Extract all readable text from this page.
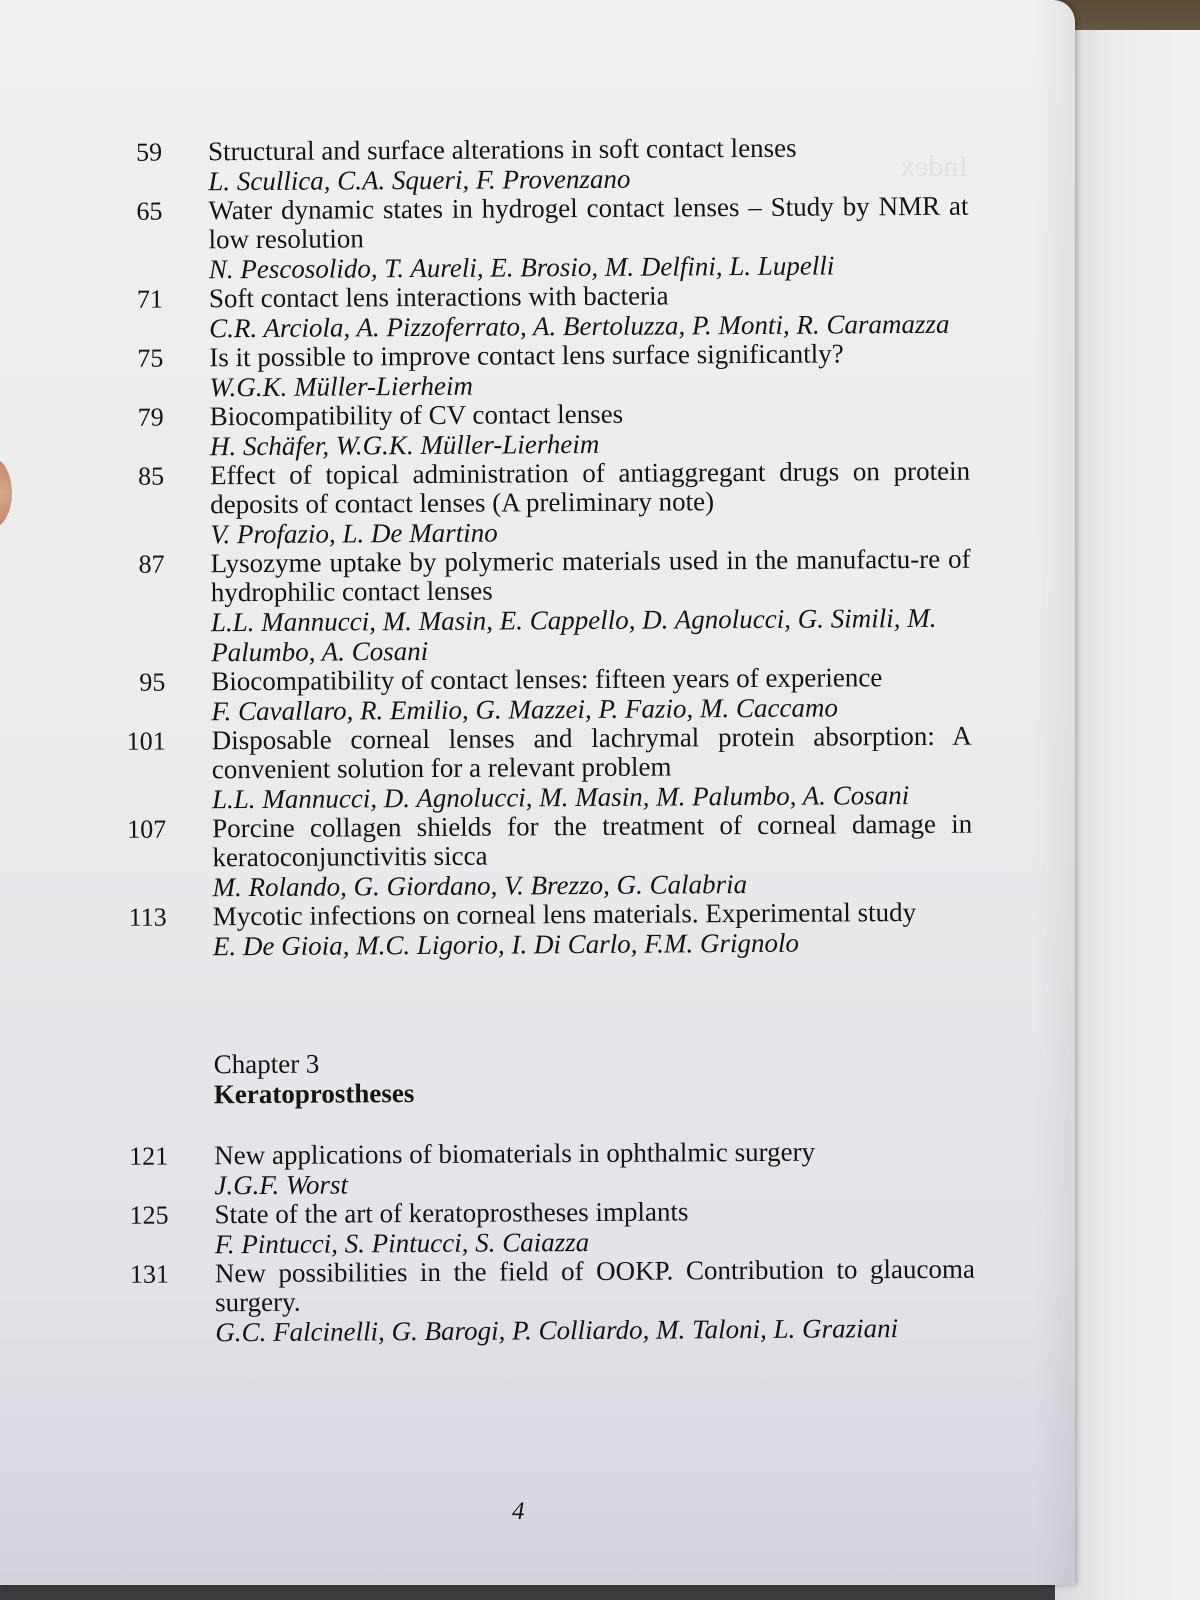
Index
59 Structural and surface alterations in soft contact lenses
L. Scullica, C.A. Squeri, F. Provenzano
65 Water dynamic states in hydrogel contact lenses – Study by NMR at low resolution
N. Pescosolido, T. Aureli, E. Brosio, M. Delfini, L. Lupelli
71 Soft contact lens interactions with bacteria
C.R. Arciola, A. Pizzoferrato, A. Bertoluzza, P. Monti, R. Caramazza
75 Is it possible to improve contact lens surface significantly?
W.G.K. Müller-Lierheim
79 Biocompatibility of CV contact lenses
H. Schäfer, W.G.K. Müller-Lierheim
85 Effect of topical administration of antiaggregant drugs on protein deposits of contact lenses (A preliminary note)
V. Profazio, L. De Martino
87 Lysozyme uptake by polymeric materials used in the manufactu-re of hydrophilic contact lenses
L.L. Mannucci, M. Masin, E. Cappello, D. Agnolucci, G. Simili, M. Palumbo, A. Cosani
95 Biocompatibility of contact lenses: fifteen years of experience
F. Cavallaro, R. Emilio, G. Mazzei, P. Fazio, M. Caccamo
101 Disposable corneal lenses and lachrymal protein absorption: A convenient solution for a relevant problem
L.L. Mannucci, D. Agnolucci, M. Masin, M. Palumbo, A. Cosani
107 Porcine collagen shields for the treatment of corneal damage in keratoconjunctivitis sicca
M. Rolando, G. Giordano, V. Brezzo, G. Calabria
113 Mycotic infections on corneal lens materials. Experimental study
E. De Gioia, M.C. Ligorio, I. Di Carlo, F.M. Grignolo
Chapter 3
Keratoprostheses
121 New applications of biomaterials in ophthalmic surgery
J.G.F. Worst
125 State of the art of keratoprostheses implants
F. Pintucci, S. Pintucci, S. Caiazza
131 New possibilities in the field of OOKP. Contribution to glaucoma surgery.
G.C. Falcinelli, G. Barogi, P. Colliardo, M. Taloni, L. Graziani
4
